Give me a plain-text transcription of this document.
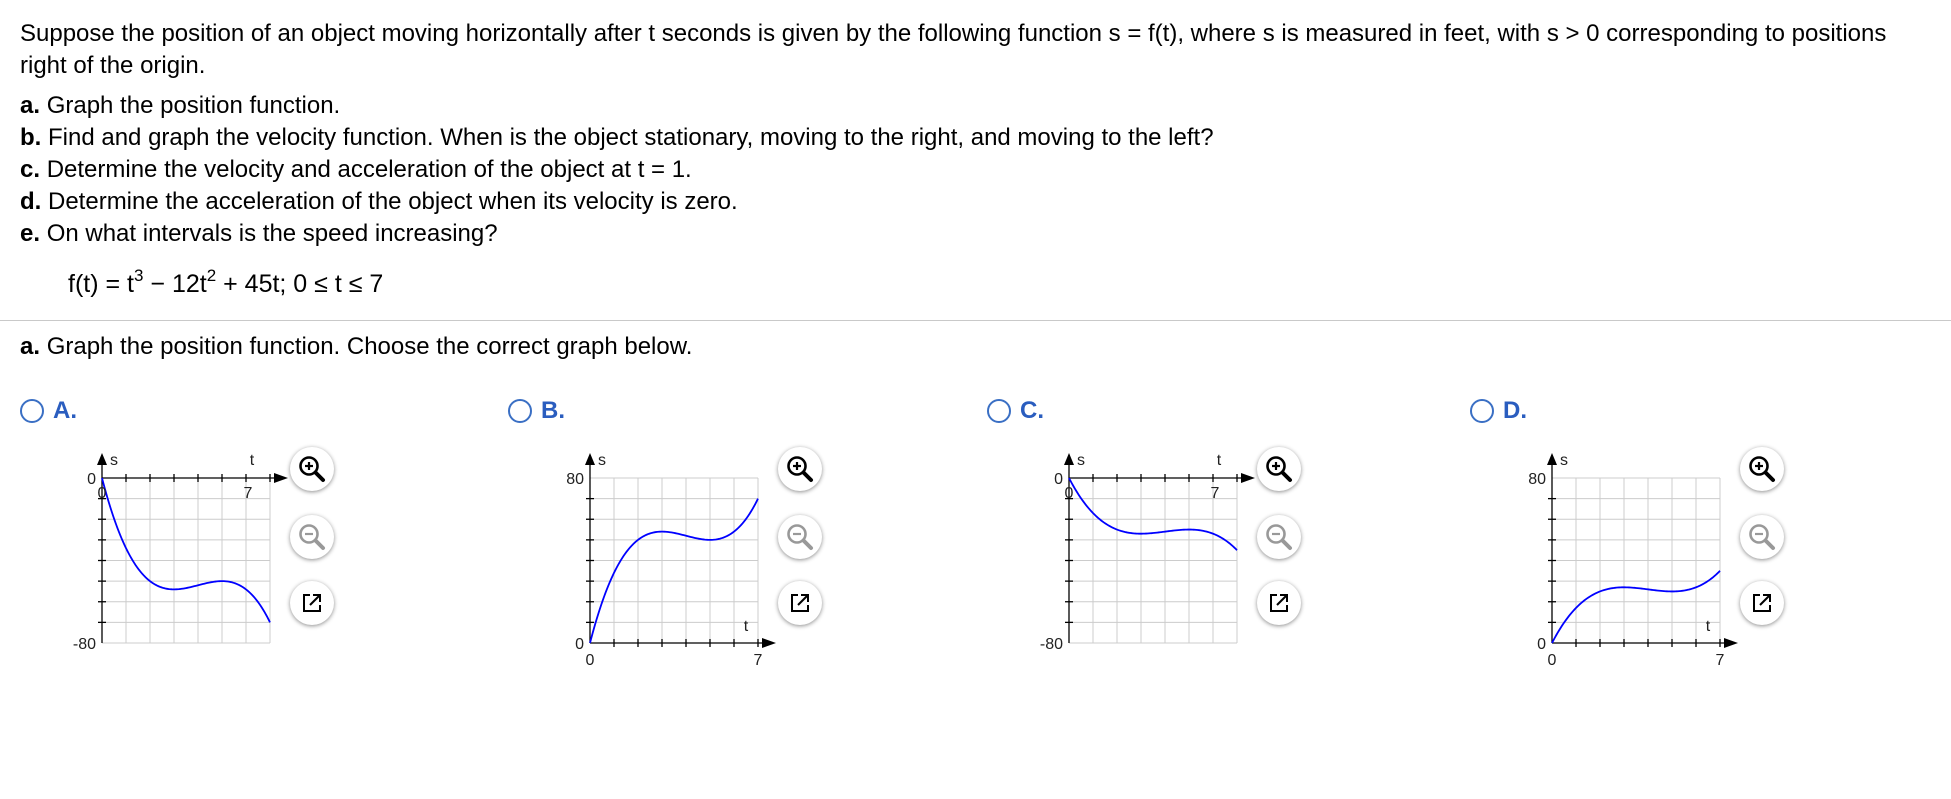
Suppose the position of an object moving horizontally after t seconds is given by the following function s = f(t), where s is measured in feet, with s > 0 corresponding to positions right of the origin.

a. Graph the position function.
b. Find and graph the velocity function. When is the object stationary, moving to the right, and moving to the left?
c. Determine the velocity and acceleration of the object at t = 1.
d. Determine the acceleration of the object when its velocity is zero.
e. On what intervals is the speed increasing?
$f(t) = t^3 - 12t^2 + 45t$; 0 ≤ t ≤ 7
a. Graph the position function. Choose the correct graph below.
A.
s
0
-80
t
0	7
B.
s
80
0
t
0	7
C.
s
0
-80
t
0	7
D.
s
80
0
t
0	7
